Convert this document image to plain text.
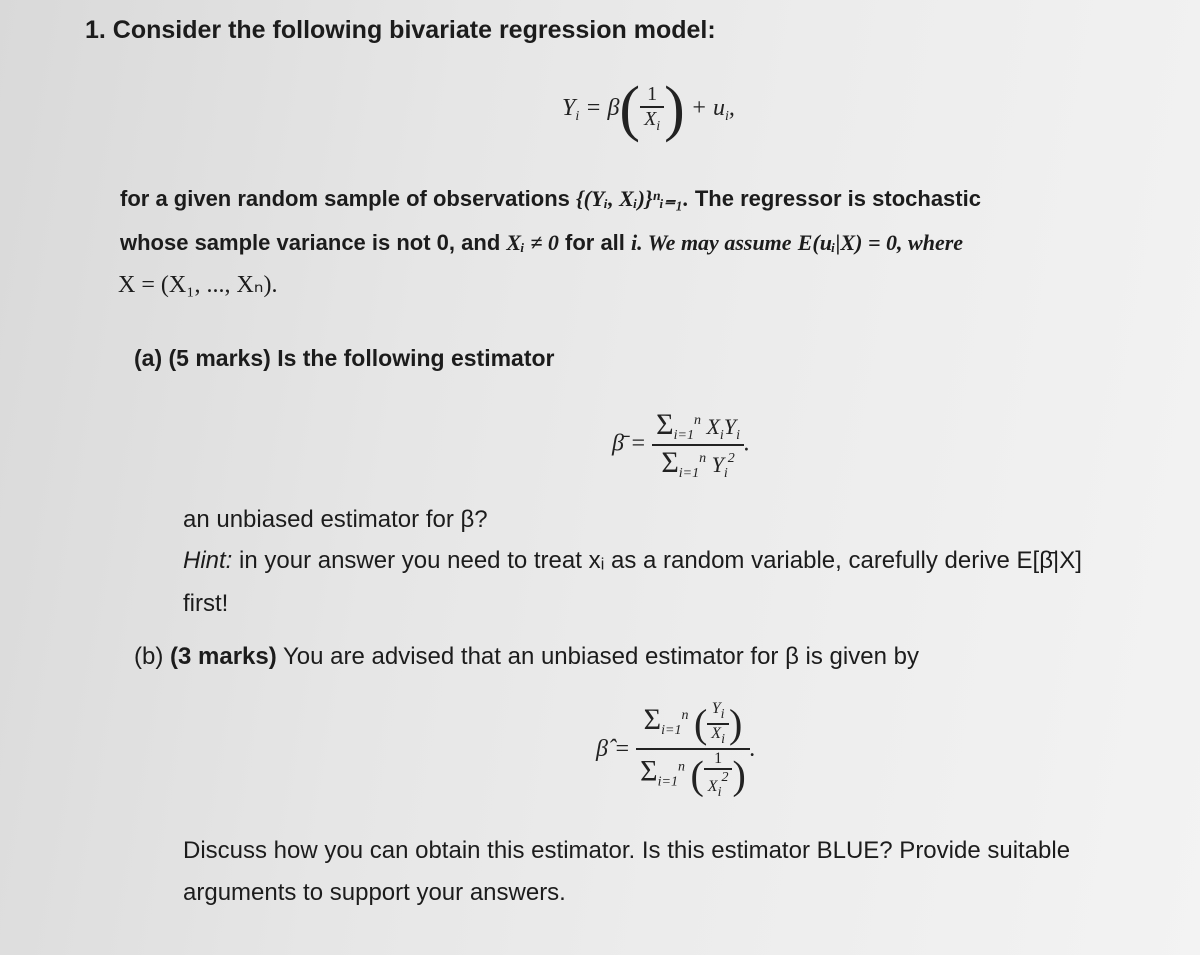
1. Consider the following bivariate regression model:
$Y_i = \beta( \frac{1}{X_i}$ ) + $u_i$,
for a given random sample of observations {(Yᵢ, Xᵢ)}ⁿᵢ₌₁. The regressor is stochastic
whose sample variance is not 0, and Xᵢ ≠ 0 for all i. We may assume E(uᵢ|X) = 0, where
X = (X₁, ..., Xₙ).
(a) (5 marks) Is the following estimator
β̄ = $\frac{\Sigma_{i=1}^n X_iY_i}{\Sigma_{i=1}^n Y_i^2}$ .
an unbiased estimator for β?
Hint: in your answer you need to treat xᵢ as a random variable, carefully derive E[β̄|X]
first!
(b) (3 marks) You are advised that an unbiased estimator for β is given by
β̂ = $\frac{\Sigma_{i=1}^n ( \frac{Yi}{Xi} )}{\Sigma_{i=1}^n ( \frac{1}{Xi2} )}$ .
Discuss how you can obtain this estimator. Is this estimator BLUE? Provide suitable
arguments to support your answers.
